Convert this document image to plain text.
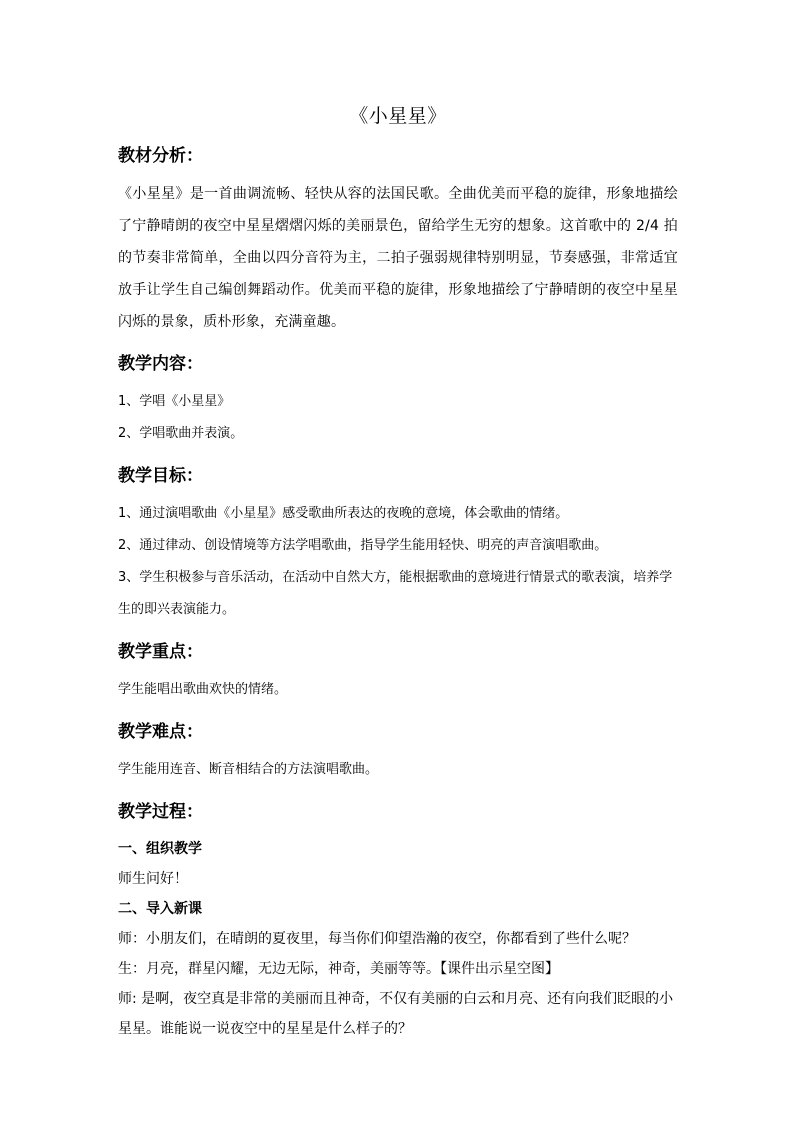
《小星星》
教材分析：

《小星星》是一首曲调流畅、轻快从容的法国民歌。全曲优美而平稳的旋律，形象地描绘了宁静晴朗的夜空中星星熠熠闪烁的美丽景色，留给学生无穷的想象。这首歌中的 2/4 拍的节奏非常简单，全曲以四分音符为主，二拍子强弱规律特别明显，节奏感强，非常适宜放手让学生自己编创舞蹈动作。优美而平稳的旋律，形象地描绘了宁静晴朗的夜空中星星闪烁的景象，质朴形象，充满童趣。

教学内容：

1、学唱《小星星》

2、学唱歌曲并表演。

教学目标：

1、通过演唱歌曲《小星星》感受歌曲所表达的夜晚的意境，体会歌曲的情绪。

2、通过律动、创设情境等方法学唱歌曲，指导学生能用轻快、明亮的声音演唱歌曲。

3、学生积极参与音乐活动，在活动中自然大方，能根据歌曲的意境进行情景式的歌表演，培养学生的即兴表演能力。

教学重点：

学生能唱出歌曲欢快的情绪。

教学难点：

学生能用连音、断音相结合的方法演唱歌曲。

教学过程：

一、组织教学

师生问好！

二、导入新课

师：小朋友们，在晴朗的夏夜里，每当你们仰望浩瀚的夜空，你都看到了些什么呢？

生：月亮，群星闪耀，无边无际，神奇，美丽等等。【课件出示星空图】

师: 是啊，夜空真是非常的美丽而且神奇，不仅有美丽的白云和月亮、还有向我们眨眼的小星星。谁能说一说夜空中的星星是什么样子的？
